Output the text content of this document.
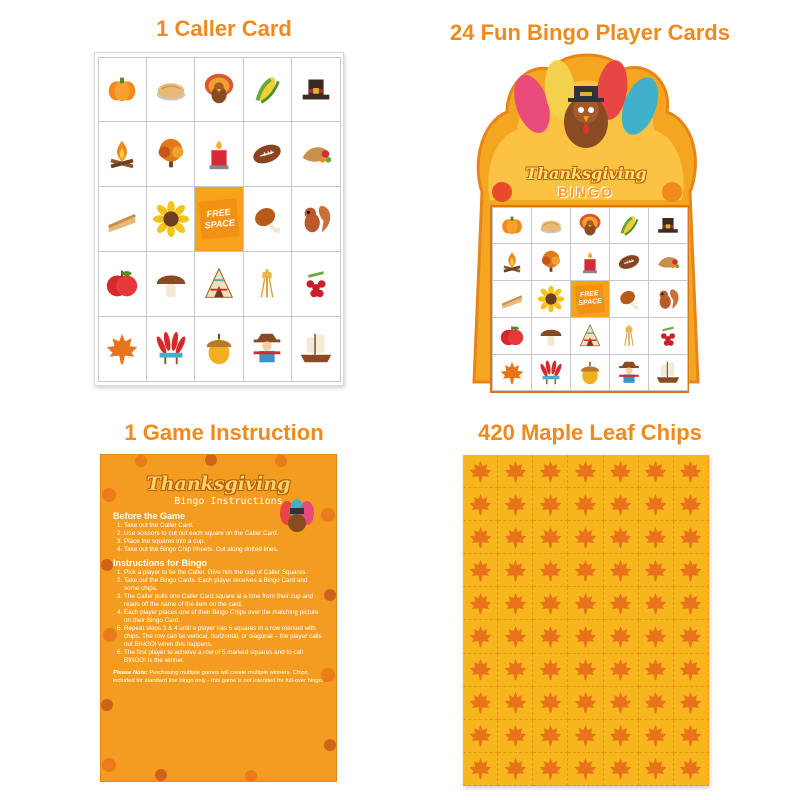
1 Caller Card	24 Fun Bingo Player Cards
1 Game Instruction	420 Maple Leaf Chips
FREE
SPACE
Thanksgiving
BINGO
FREE
SPACE
Thanksgiving
Bingo Instructions
Before the Game
1. Take out the Caller Card.
2. Use scissors to cut out each square on the Caller Card.
3. Place the squares into a cup.
4. Take out the Bingo Chip Sheets. Cut along dotted lines.
Instructions for Bingo
1. Pick a player to be the Caller. Give him the cup of Caller Squares.
2. Take out the Bingo Cards. Each player receives a Bingo Card and some chips.
3. The Caller pulls one Caller Card square at a time from their cup and reads off the name of the item on the card.
4. Each player places one of their Bingo Chips over the matching picture on their Bingo Card.
5. Repeat steps 3 & 4 until a player has 5 squares in a row marked with chips. The row can be vertical, horizontal, or diagonal – the player calls out BINGO! when this happens.
6. The first player to achieve a row of 5 marked squares and to call BINGO! is the winner.
Please Note: Purchasing multiple games will create multiple winners. Chips included for standard line bingo only - this game is not intended for full-over bingo.
